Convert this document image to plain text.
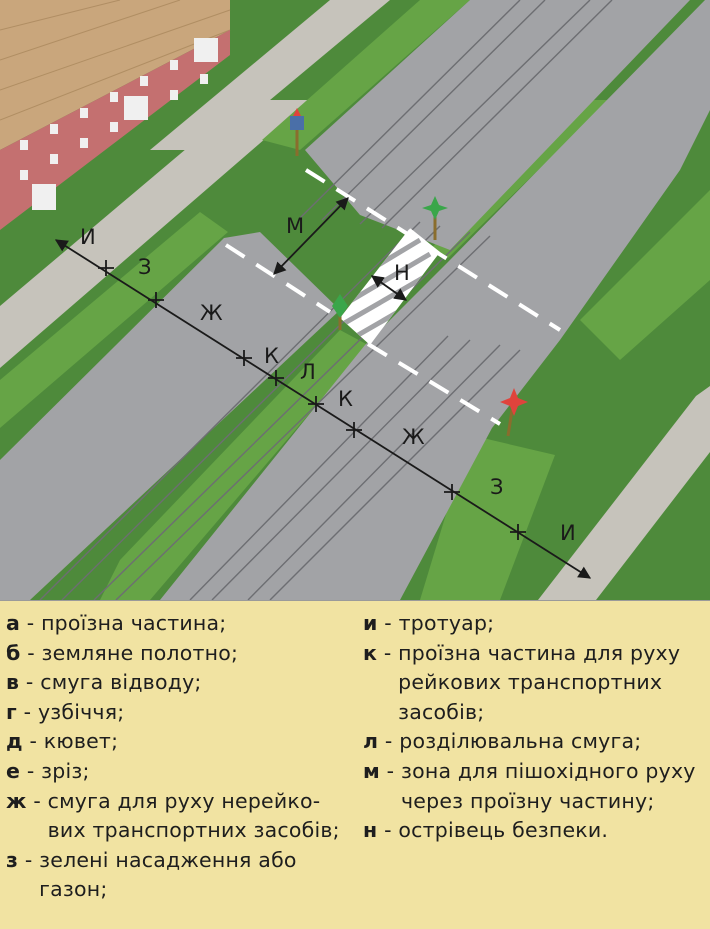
И
З
Ж
К
Л
К
Ж
З
И
М
Н
а - проїзна частина;
б - земляне полотно;
в - смуга відводу;
г - узбіччя;
д - кювет;
е - зріз;
ж - смуга для руху нерейко-вих транспортних засобів;
з - зелені насадження або газон;
и - тротуар;
к - проїзна частина для руху рейкових транспортних засобів;
л - розділювальна смуга;
м - зона для пішохідного руху через проїзну частину;
н - острівець безпеки.
